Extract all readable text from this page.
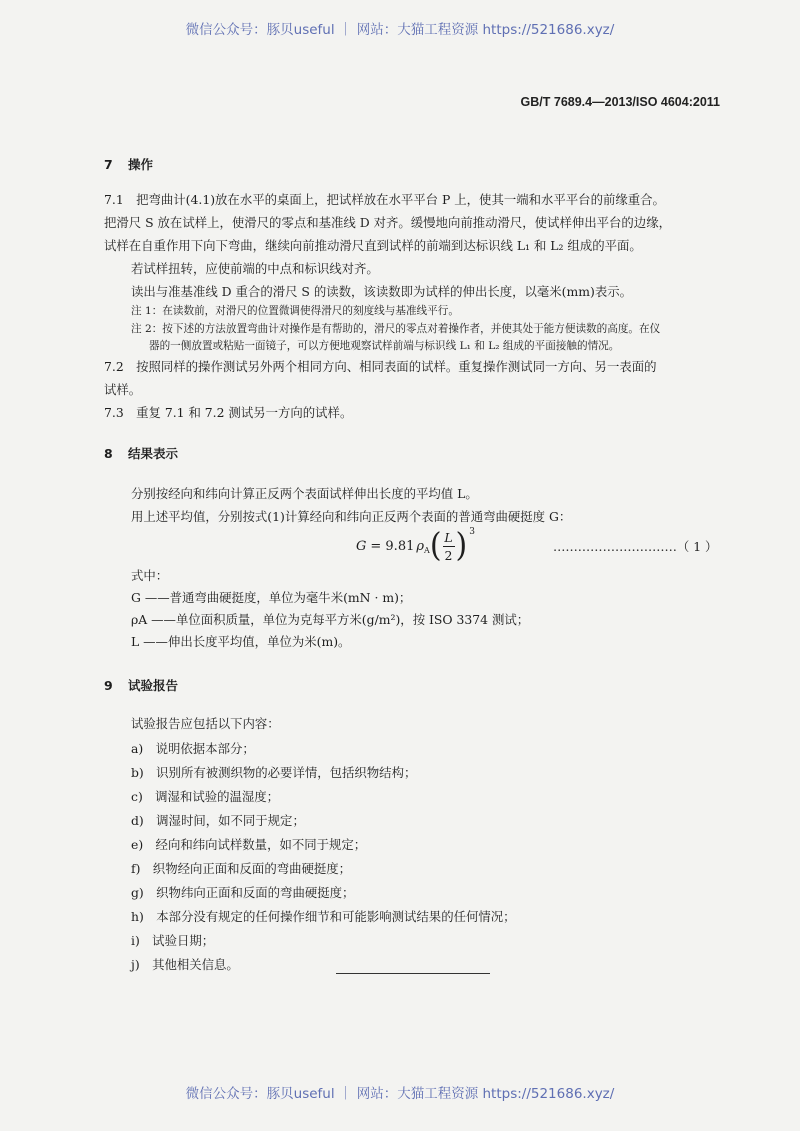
微信公众号：豚贝useful ｜ 网站：大猫工程资源 https://521686.xyz/
GB/T 7689.4—2013/ISO 4604:2011
7 操作
7.1　把弯曲计(4.1)放在水平的桌面上，把试样放在水平平台 P 上，使其一端和水平平台的前缘重合。
把滑尺 S 放在试样上，使滑尺的零点和基准线 D 对齐。缓慢地向前推动滑尺，使试样伸出平台的边缘，
试样在自重作用下向下弯曲，继续向前推动滑尺直到试样的前端到达标识线 L₁ 和 L₂ 组成的平面。
若试样扭转，应使前端的中点和标识线对齐。
读出与准基准线 D 重合的滑尺 S 的读数，该读数即为试样的伸出长度，以毫米(mm)表示。
注 1：在读数前，对滑尺的位置微调使得滑尺的刻度线与基准线平行。
注 2：按下述的方法放置弯曲计对操作是有帮助的，滑尺的零点对着操作者，并使其处于能方便读数的高度。在仪
器的一侧放置或粘贴一面镜子，可以方便地观察试样前端与标识线 L₁ 和 L₂ 组成的平面接触的情况。
7.2　按照同样的操作测试另外两个相同方向、相同表面的试样。重复操作测试同一方向、另一表面的
试样。
7.3　重复 7.1 和 7.2 测试另一方向的试样。
8 结果表示
分别按经向和纬向计算正反两个表面试样伸出长度的平均值 L。
用上述平均值，分别按式(1)计算经向和纬向正反两个表面的普通弯曲硬挺度 G：
G = 9.81 ρ A ( $\frac{L}{2}$ ) 3
…………………………（ 1 ）
式中：
G ——普通弯曲硬挺度，单位为毫牛米(mN · m)；
ρA ——单位面积质量，单位为克每平方米(g/m²)，按 ISO 3374 测试；
L ——伸出长度平均值，单位为米(m)。
9 试验报告
试验报告应包括以下内容：
a)　说明依据本部分；
b)　识别所有被测织物的必要详情，包括织物结构；
c)　调湿和试验的温湿度；
d)　调湿时间，如不同于规定；
e)　经向和纬向试样数量，如不同于规定；
f)　织物经向正面和反面的弯曲硬挺度；
g)　织物纬向正面和反面的弯曲硬挺度；
h)　本部分没有规定的任何操作细节和可能影响测试结果的任何情况；
i)　试验日期；
j)　其他相关信息。
微信公众号：豚贝useful ｜ 网站：大猫工程资源 https://521686.xyz/
